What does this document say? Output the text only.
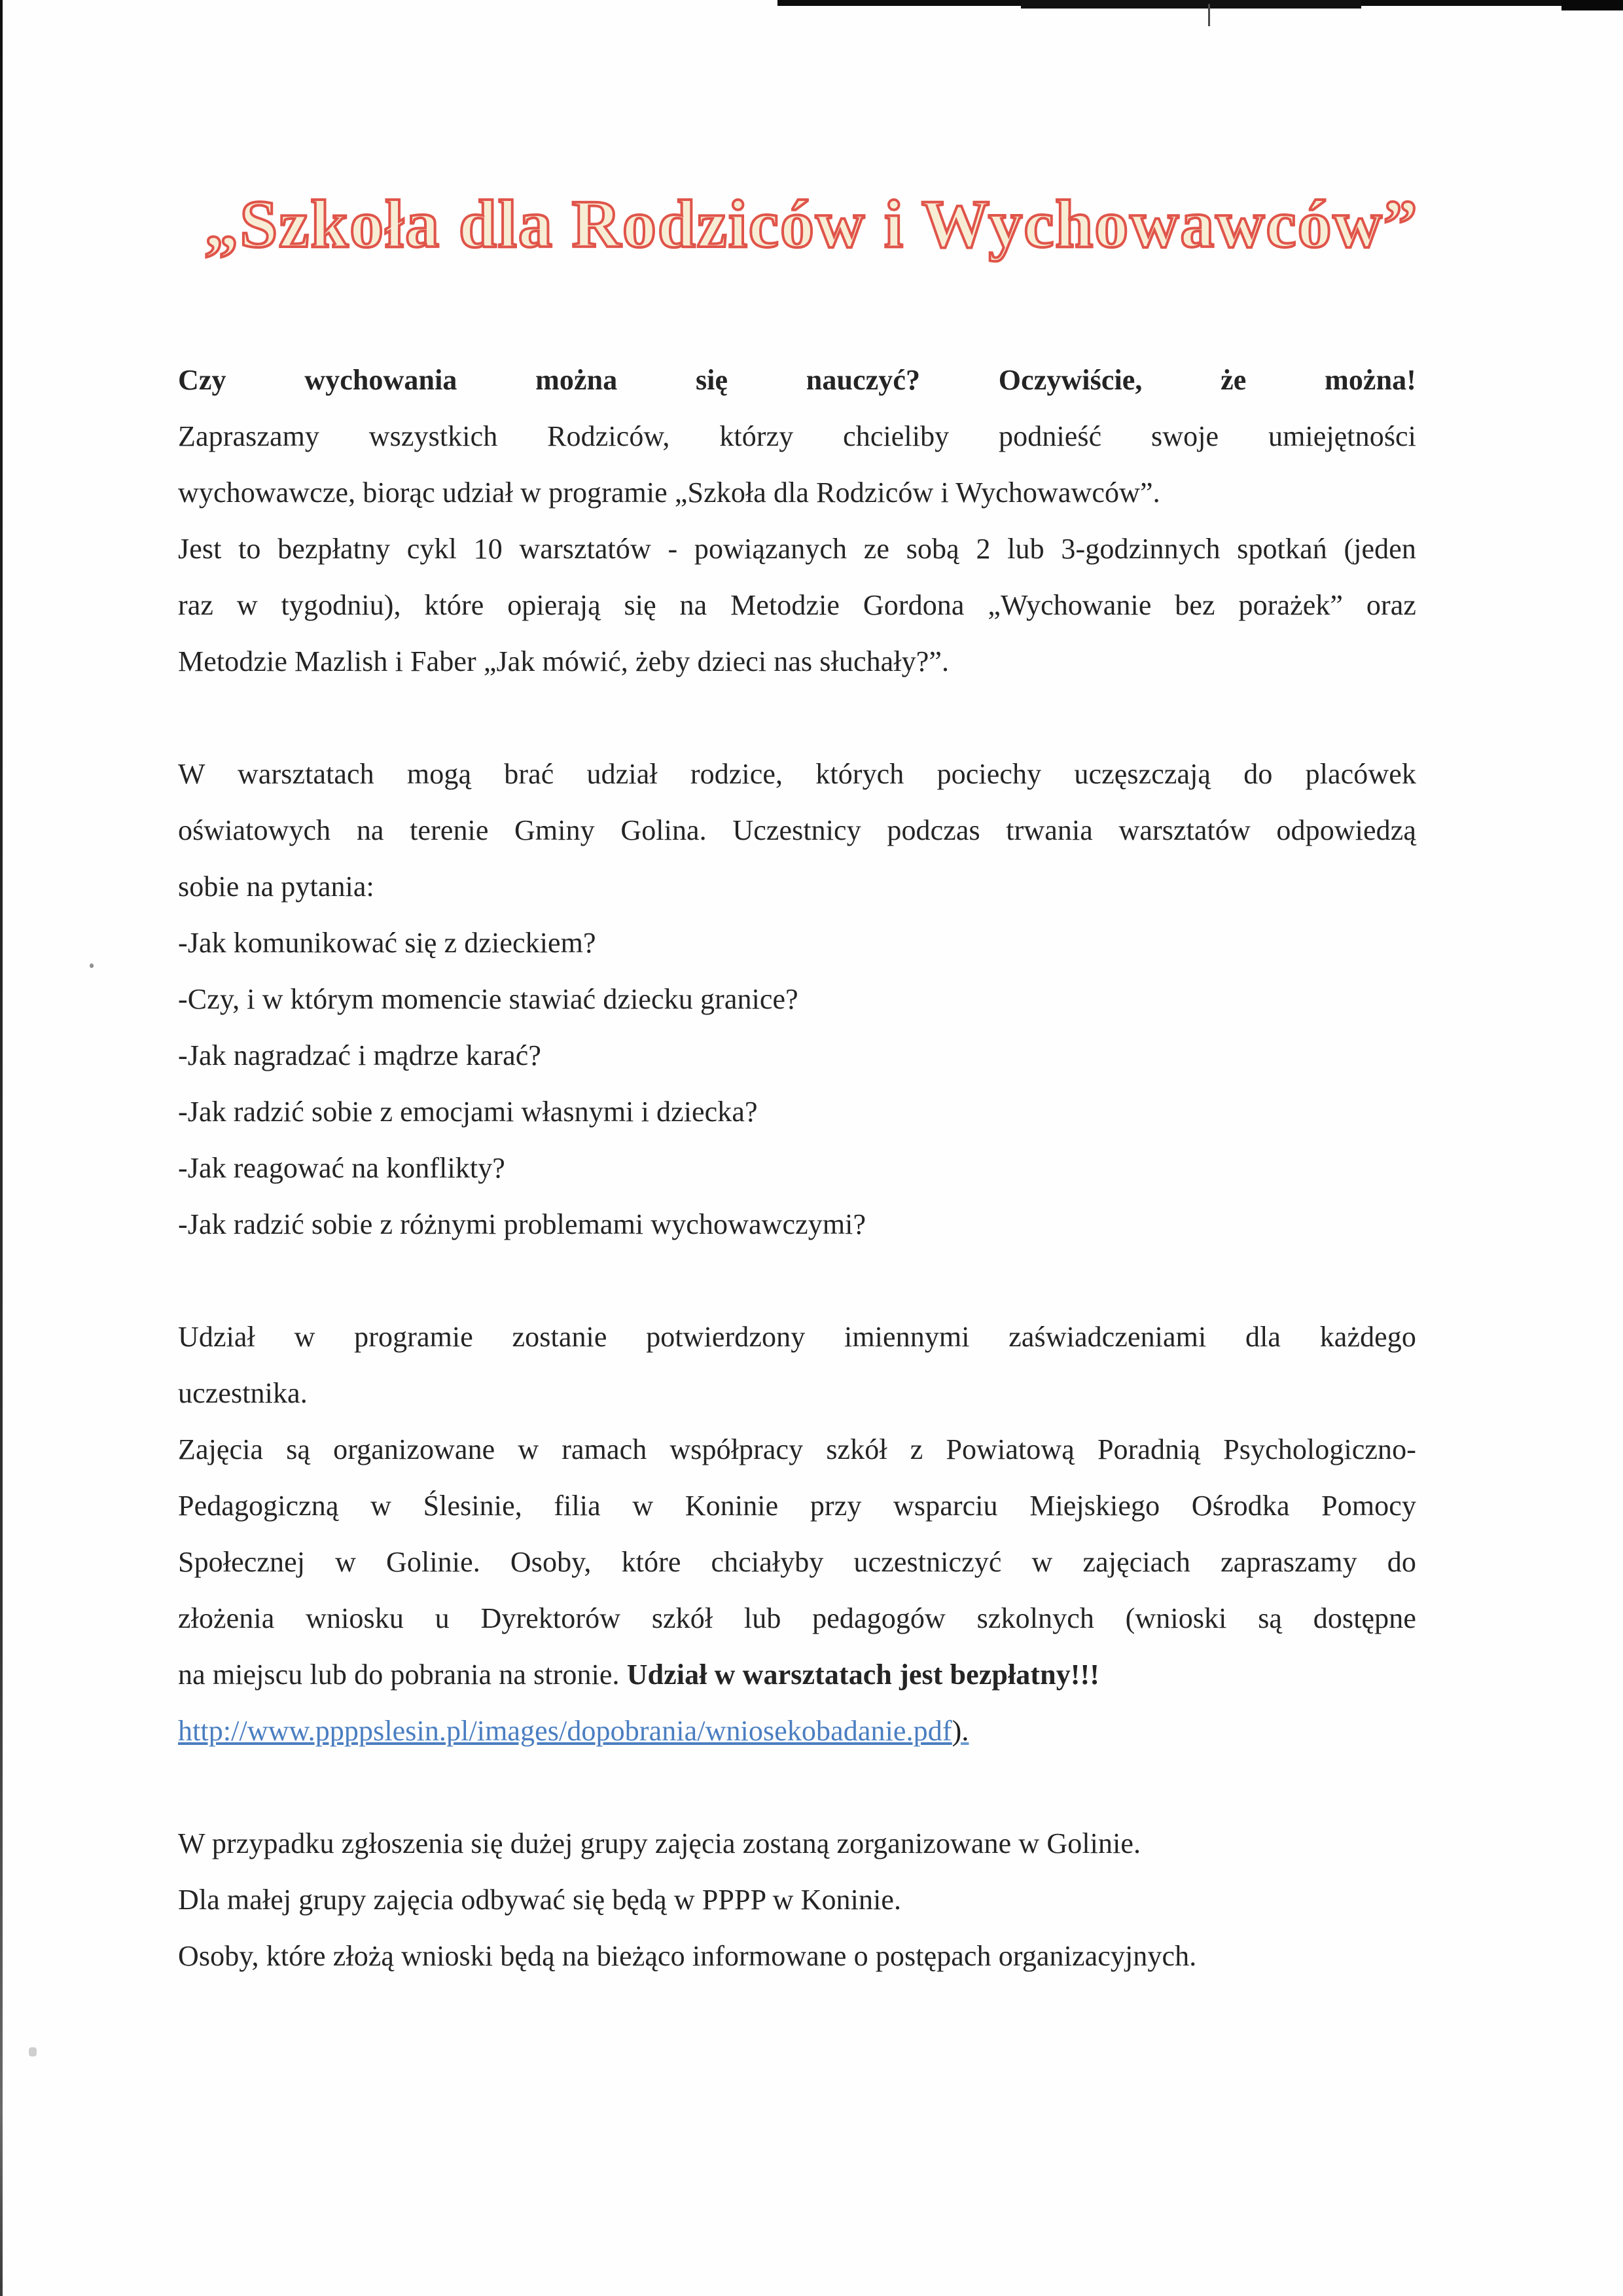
„Szkoła dla Rodziców i Wychowawców”
Czy wychowania można się nauczyć? Oczywiście, że można!
Zapraszamy wszystkich Rodziców, którzy chcieliby podnieść swoje umiejętności
wychowawcze, biorąc udział w programie „Szkoła dla Rodziców i Wychowawców”.
Jest to bezpłatny cykl 10 warsztatów - powiązanych ze sobą 2 lub 3-godzinnych spotkań (jeden
raz w tygodniu), które opierają się na Metodzie Gordona „Wychowanie bez porażek” oraz
Metodzie Mazlish i Faber „Jak mówić, żeby dzieci nas słuchały?”.
W warsztatach mogą brać udział rodzice, których pociechy uczęszczają do placówek
oświatowych na terenie Gminy Golina. Uczestnicy podczas trwania warsztatów odpowiedzą
sobie na pytania:
-Jak komunikować się z dzieckiem?
-Czy, i w którym momencie stawiać dziecku granice?
-Jak nagradzać i mądrze karać?
-Jak radzić sobie z emocjami własnymi i dziecka?
-Jak reagować na konflikty?
-Jak radzić sobie z różnymi problemami wychowawczymi?
Udział w programie zostanie potwierdzony imiennymi zaświadczeniami dla każdego
uczestnika.
Zajęcia są organizowane w ramach współpracy szkół z Powiatową Poradnią Psychologiczno-
Pedagogiczną w Ślesinie, filia w Koninie przy wsparciu Miejskiego Ośrodka Pomocy
Społecznej w Golinie. Osoby, które chciałyby uczestniczyć w zajęciach zapraszamy do
złożenia wniosku u Dyrektorów szkół lub pedagogów szkolnych (wnioski są dostępne
na miejscu lub do pobrania na stronie. Udział w warsztatach jest bezpłatny!!!
http://www.ppppslesin.pl/images/dopobrania/wniosekobadanie.pdf).
W przypadku zgłoszenia się dużej grupy zajęcia zostaną zorganizowane w Golinie.
Dla małej grupy zajęcia odbywać się będą w PPPP w Koninie.
Osoby, które złożą wnioski będą na bieżąco informowane o postępach organizacyjnych.
